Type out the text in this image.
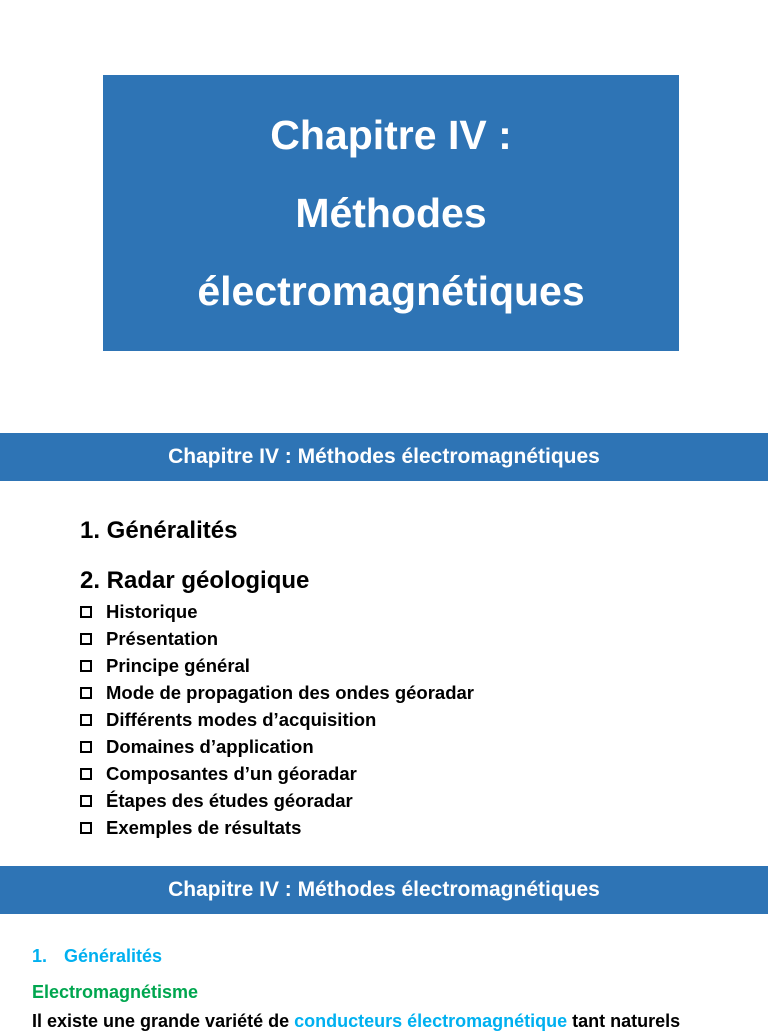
Chapitre IV :
Méthodes
électromagnétiques
Chapitre IV : Méthodes électromagnétiques
1. Généralités
2. Radar géologique
Historique
Présentation
Principe général
Mode de propagation des ondes géoradar
Différents modes d’acquisition
Domaines d’application
Composantes d’un géoradar
Étapes des études géoradar
Exemples de résultats
Chapitre IV : Méthodes électromagnétiques
1. Généralités
Electromagnétisme
Il existe une grande variété de conducteurs électromagnétique tant naturels
